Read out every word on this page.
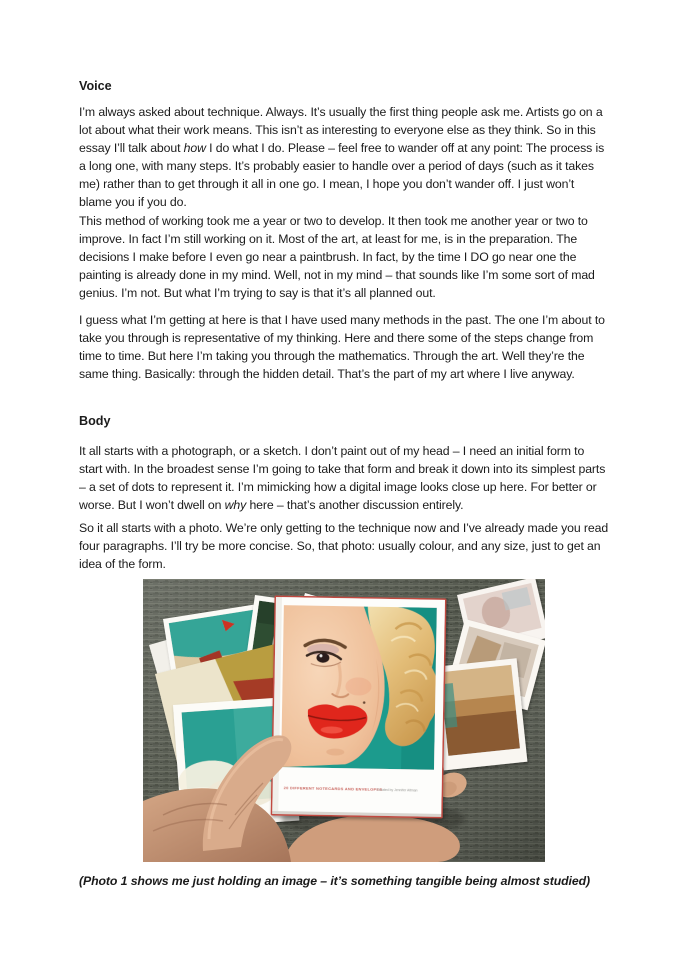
Voice
I’m always asked about technique. Always. It’s usually the first thing people ask me. Artists go on a lot about what their work means. This isn’t as interesting to everyone else as they think. So in this essay I’ll talk about how I do what I do. Please – feel free to wander off at any point: The process is a long one, with many steps. It’s probably easier to handle over a period of days (such as it takes me) rather than to get through it all in one go. I mean, I hope you don’t wander off. I just won’t blame you if you do.
This method of working took me a year or two to develop. It then took me another year or two to improve. In fact I’m still working on it. Most of the art, at least for me, is in the preparation. The decisions I make before I even go near a paintbrush. In fact, by the time I DO go near one the painting is already done in my mind. Well, not in my mind – that sounds like I’m some sort of mad genius. I’m not. But what I’m trying to say is that it’s all planned out.
I guess what I’m getting at here is that I have used many methods in the past. The one I’m about to take you through is representative of my thinking. Here and there some of the steps change from time to time. But here I’m taking you through the mathematics. Through the art. Well they’re the same thing. Basically: through the hidden detail. That’s the part of my art where I live anyway.
Body
It all starts with a photograph, or a sketch. I don’t paint out of my head – I need an initial form to start with. In the broadest sense I’m going to take that form and break it down into its simplest parts – a set of dots to represent it. I’m mimicking how a digital image looks close up here. For better or worse. But I won’t dwell on why here – that’s another discussion entirely.
So it all starts with a photo. We’re only getting to the technique now and I’ve already made you read four paragraphs. I’ll try be more concise. So, that photo: usually colour, and any size, just to get an idea of the form.
20 DIFFERENT NOTECARDS AND ENVELOPES
Curated by Jennifer Altman
(Photo 1 shows me just holding an image – it’s something tangible being almost studied)
